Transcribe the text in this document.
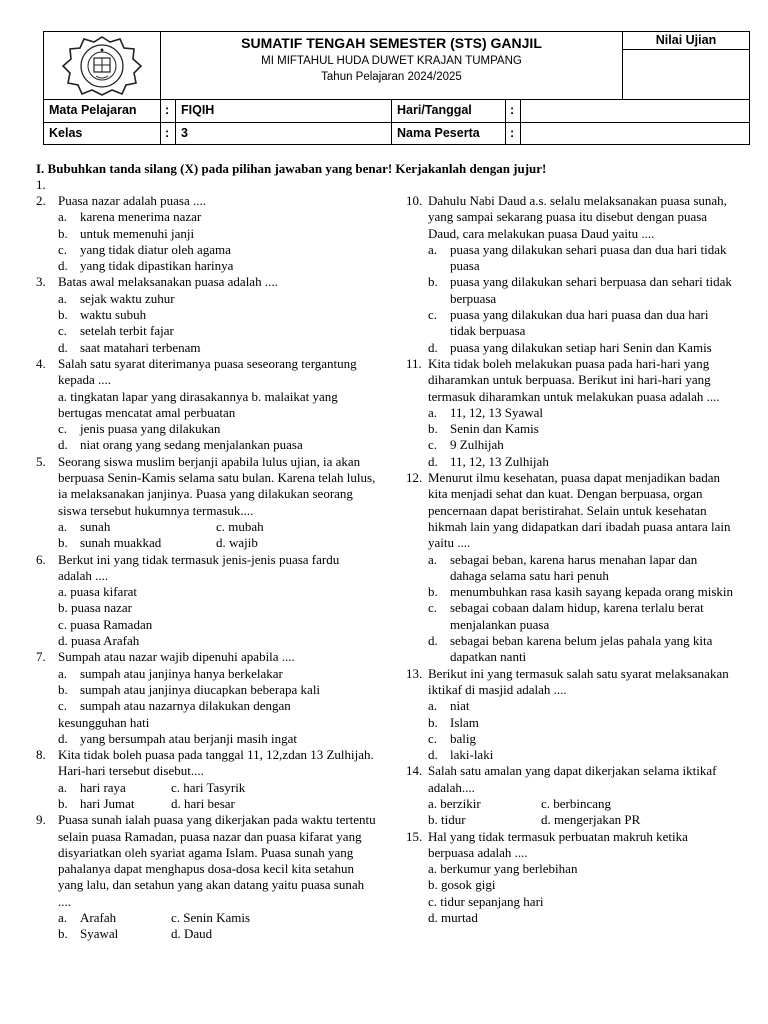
SUMATIF TENGAH SEMESTER (STS) GANJIL
MI MIFTAHUL HUDA DUWET KRAJAN TUMPANG
Tahun Pelajaran 2024/2025
Nilai Ujian
Mata Pelajaran	: FIQIH	Hari/Tanggal	:
Kelas	: 3	Nama Peserta	:
I. Bubuhkan tanda silang (X) pada pilihan jawaban yang benar! Kerjakanlah dengan jujur!
1.
2. Puasa nazar adalah puasa ....
a. karena menerima nazar
b. untuk memenuhi janji
c. yang tidak diatur oleh agama
d. yang tidak dipastikan harinya
3. Batas awal melaksanakan puasa adalah ....
a. sejak waktu zuhur
b. waktu subuh
c. setelah terbit fajar
d. saat matahari terbenam
4. Salah satu syarat diterimanya puasa seseorang tergantung kepada ....
a. tingkatan lapar yang dirasakannya b. malaikat yang bertugas mencatat amal perbuatan
c. jenis puasa yang dilakukan
d. niat orang yang sedang menjalankan puasa
5. Seorang siswa muslim berjanji apabila lulus ujian, ia akan berpuasa Senin-Kamis selama satu bulan. Karena telah lulus, ia melaksanakan janjinya. Puasa yang dilakukan seorang siswa tersebut hukumnya termasuk....
a. sunah	c. mubah
b. sunah muakkad	d. wajib
6. Berkut ini yang tidak termasuk jenis-jenis puasa fardu adalah ....
a. puasa kifarat
b. puasa nazar
c. puasa Ramadan
d. puasa Arafah
7. Sumpah atau nazar wajib dipenuhi apabila ....
a. sumpah atau janjinya hanya berkelakar
b. sumpah atau janjinya diucapkan beberapa kali
c. sumpah atau nazarnya dilakukan dengan
kesungguhan hati
d. yang bersumpah atau berjanji masih ingat
8. Kita tidak boleh puasa pada tanggal 11, 12,zdan 13 Zulhijah. Hari-hari tersebut disebut....
a. hari raya	c. hari Tasyrik
b. hari Jumat	d. hari besar
9. Puasa sunah ialah puasa yang dikerjakan pada waktu tertentu selain puasa Ramadan, puasa nazar dan puasa kifarat yang disyariatkan oleh syariat agama Islam. Puasa sunah yang pahalanya dapat menghapus dosa-dosa kecil kita setahun yang lalu, dan setahun yang akan datang yaitu puasa sunah ....
a. Arafah	c. Senin Kamis
b. Syawal	d. Daud
10. Dahulu Nabi Daud a.s. selalu melaksanakan puasa sunah, yang sampai sekarang puasa itu disebut dengan puasa Daud, cara melakukan puasa Daud yaitu ....
a. puasa yang dilakukan sehari puasa dan dua hari tidak puasa
b. puasa yang dilakukan sehari berpuasa dan sehari tidak berpuasa
c. puasa yang dilakukan dua hari puasa dan dua hari tidak berpuasa
d. puasa yang dilakukan setiap hari Senin dan Kamis
11. Kita tidak boleh melakukan puasa pada hari-hari yang diharamkan untuk berpuasa. Berikut ini hari-hari yang termasuk diharamkan untuk melakukan puasa adalah ....
a. 11, 12, 13 Syawal
b. Senin dan Kamis
c. 9 Zulhijah
d. 11, 12, 13 Zulhijah
12. Menurut ilmu kesehatan, puasa dapat menjadikan badan kita menjadi sehat dan kuat. Dengan berpuasa, organ pencernaan dapat beristirahat. Selain untuk kesehatan hikmah lain yang didapatkan dari ibadah puasa antara lain yaitu ....
a. sebagai beban, karena harus menahan lapar dan dahaga selama satu hari penuh
b. menumbuhkan rasa kasih sayang kepada orang miskin
c. sebagai cobaan dalam hidup, karena terlalu berat menjalankan puasa
d. sebagai beban karena belum jelas pahala yang kita dapatkan nanti
13. Berikut ini yang termasuk salah satu syarat melaksanakan iktikaf di masjid adalah ....
a. niat
b. Islam
c. balig
d. laki-laki
14. Salah satu amalan yang dapat dikerjakan selama iktikaf adalah....
a. berzikir	c. berbincang
b. tidur	d. mengerjakan PR
15. Hal yang tidak termasuk perbuatan makruh ketika berpuasa adalah ....
a. berkumur yang berlebihan
b. gosok gigi
c. tidur sepanjang hari
d. murtad
